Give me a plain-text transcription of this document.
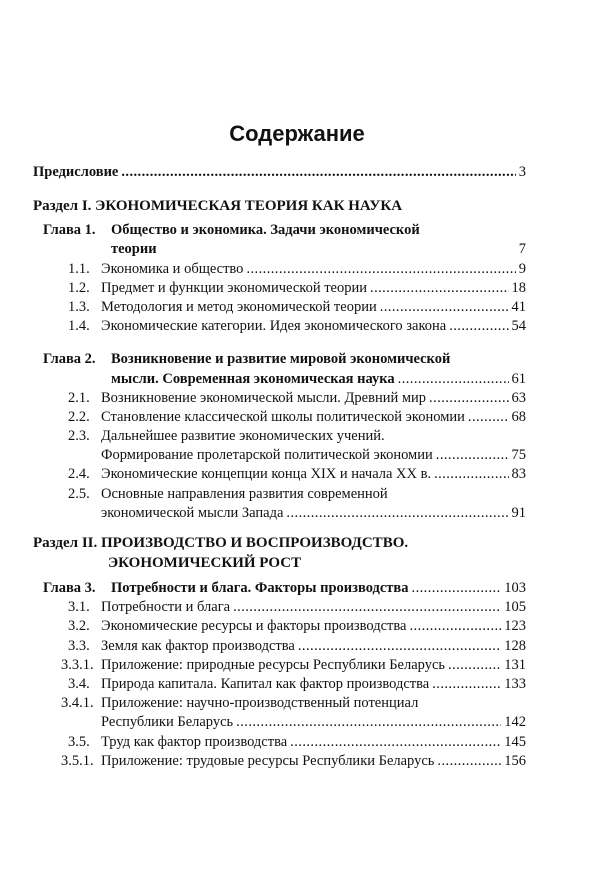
Содержание
Предисловие . . .	3
Раздел I. ЭКОНОМИЧЕСКАЯ ТЕОРИЯ КАК НАУКА
Глава 1. Общество и экономика. Задачи экономической
теории	7
1.1. Экономика и общество . . .	9
1.2. Предмет и функции экономической теории . . .	18
1.3. Методология и метод экономической теории . . .	41
1.4. Экономические категории. Идея экономического закона . . .	54
Глава 2. Возникновение и развитие мировой экономической
мысли. Современная экономическая наука . . .	61
2.1. Возникновение экономической мысли. Древний мир . . .	63
2.2. Становление классической школы политической экономии . . .	68
2.3. Дальнейшее развитие экономических учений.
Формирование пролетарской политической экономии . . .	75
2.4. Экономические концепции конца XIX и начала XX в. . . .	83
2.5. Основные направления развития современной
экономической мысли Запада . . .	91
Раздел II. ПРОИЗВОДСТВО И ВОСПРОИЗВОДСТВО.
ЭКОНОМИЧЕСКИЙ РОСТ
Глава 3.	Потребности и блага. Факторы производства . . .	103
3.1. Потребности и блага . . .	105
3.2. Экономические ресурсы и факторы производства . . .	123
3.3. Земля как фактор производства . . .	128
3.3.1. Приложение: природные ресурсы Республики Беларусь . . .	131
3.4. Природа капитала. Капитал как фактор производства . . .	133
3.4.1. Приложение: научно-производственный потенциал
Республики Беларусь . . .	142
3.5. Труд как фактор производства . . .	145
3.5.1. Приложение: трудовые ресурсы Республики Беларусь . . .	156
